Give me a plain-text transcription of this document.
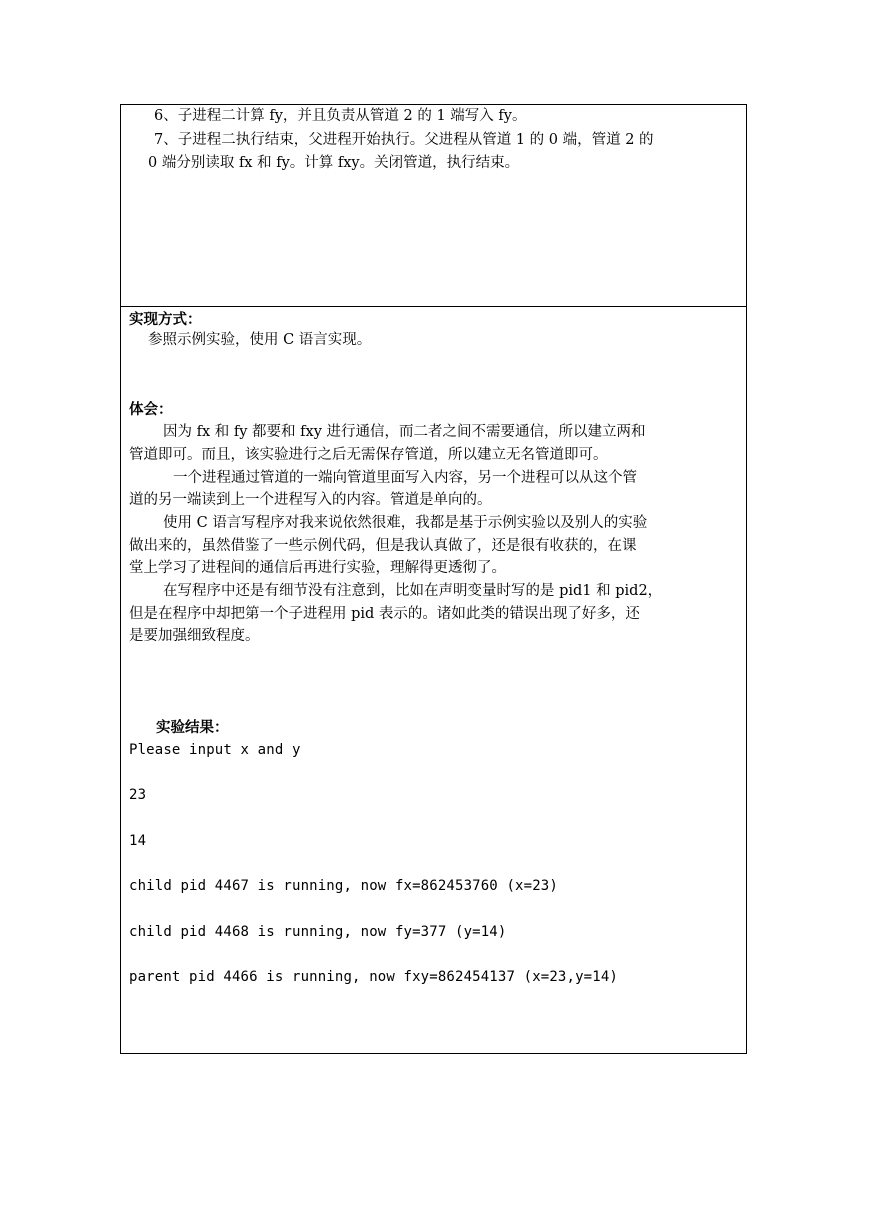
6、子进程二计算 fy，并且负责从管道 2 的 1 端写入 fy。

7、子进程二执行结束，父进程开始执行。父进程从管道 1 的 0 端，管道 2 的

0 端分别读取 fx 和 fy。计算 fxy。关闭管道，执行结束。

实现方式：

参照示例实验，使用 C 语言实现。

体会：

因为 fx 和 fy 都要和 fxy 进行通信，而二者之间不需要通信，所以建立两和

管道即可。而且，该实验进行之后无需保存管道，所以建立无名管道即可。

一个进程通过管道的一端向管道里面写入内容，另一个进程可以从这个管

道的另一端读到上一个进程写入的内容。管道是单向的。

使用 C 语言写程序对我来说依然很难，我都是基于示例实验以及别人的实验

做出来的，虽然借鉴了一些示例代码，但是我认真做了，还是很有收获的，在课

堂上学习了进程间的通信后再进行实验，理解得更透彻了。

在写程序中还是有细节没有注意到，比如在声明变量时写的是 pid1 和 pid2，

但是在程序中却把第一个子进程用 pid 表示的。诸如此类的错误出现了好多，还

是要加强细致程度。

实验结果：

Please input x and y

23

14

child pid 4467 is running, now fx=862453760 (x=23)

child pid 4468 is running, now fy=377 (y=14)

parent pid 4466 is running, now fxy=862454137 (x=23,y=14)
